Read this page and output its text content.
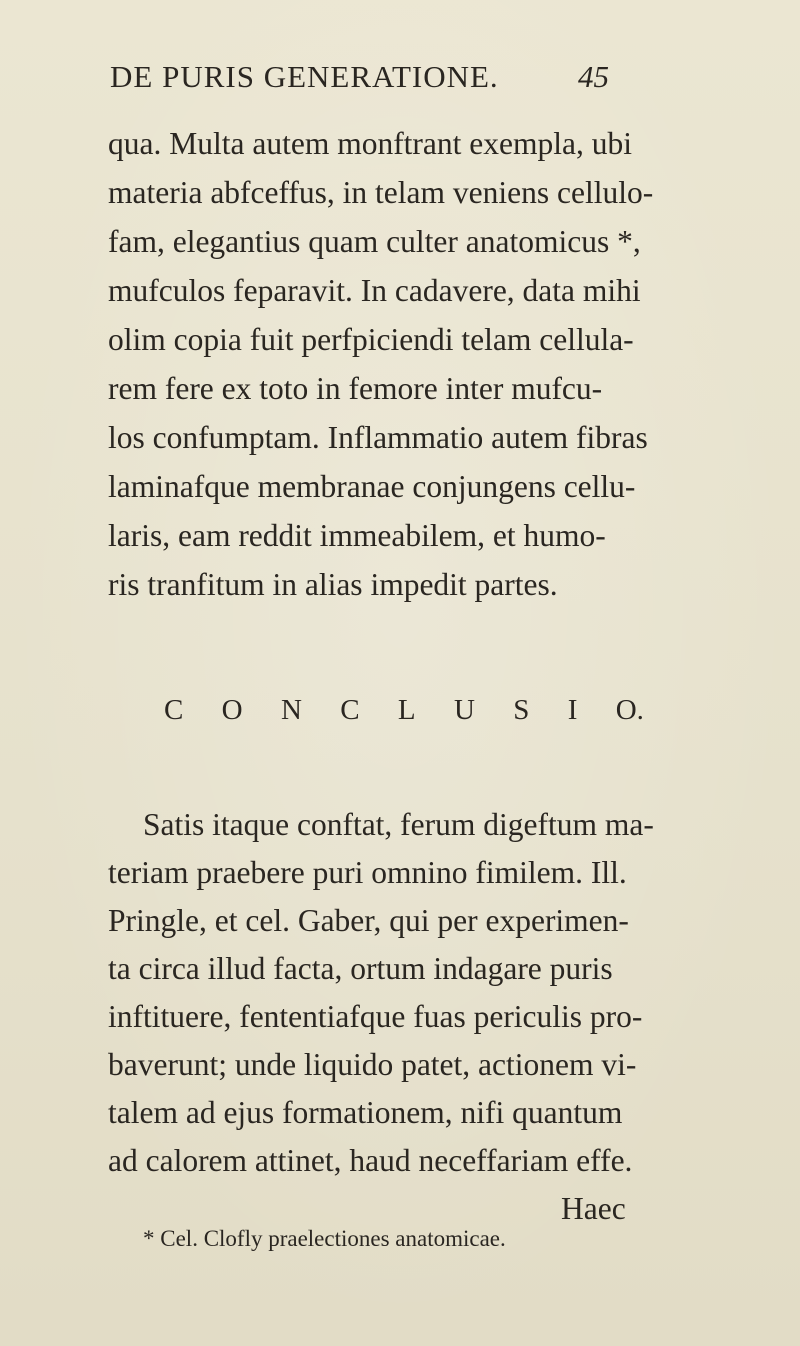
DE PURIS GENERATIONE.	45
qua. Multa autem monftrant exempla, ubi
materia abfceffus, in telam veniens cellulo-
fam, elegantius quam culter anatomicus *,
mufculos feparavit. In cadavere, data mihi
olim copia fuit perfpiciendi telam cellula-
rem fere ex toto in femore inter mufcu-
los confumptam. Inflammatio autem fibras
laminafque membranae conjungens cellu-
laris, eam reddit immeabilem, et humo-
ris tranfitum in alias impedit partes.
C O N C L U S I O.
Satis itaque conftat, ferum digeftum ma-
teriam praebere puri omnino fimilem. Ill.
Pringle, et cel. Gaber, qui per experimen-
ta circa illud facta, ortum indagare puris
inftituere, fententiafque fuas periculis pro-
baverunt; unde liquido patet, actionem vi-
talem ad ejus formationem, nifi quantum
ad calorem attinet, haud neceffariam effe.
Haec
* Cel. Clofly praelectiones anatomicae.
